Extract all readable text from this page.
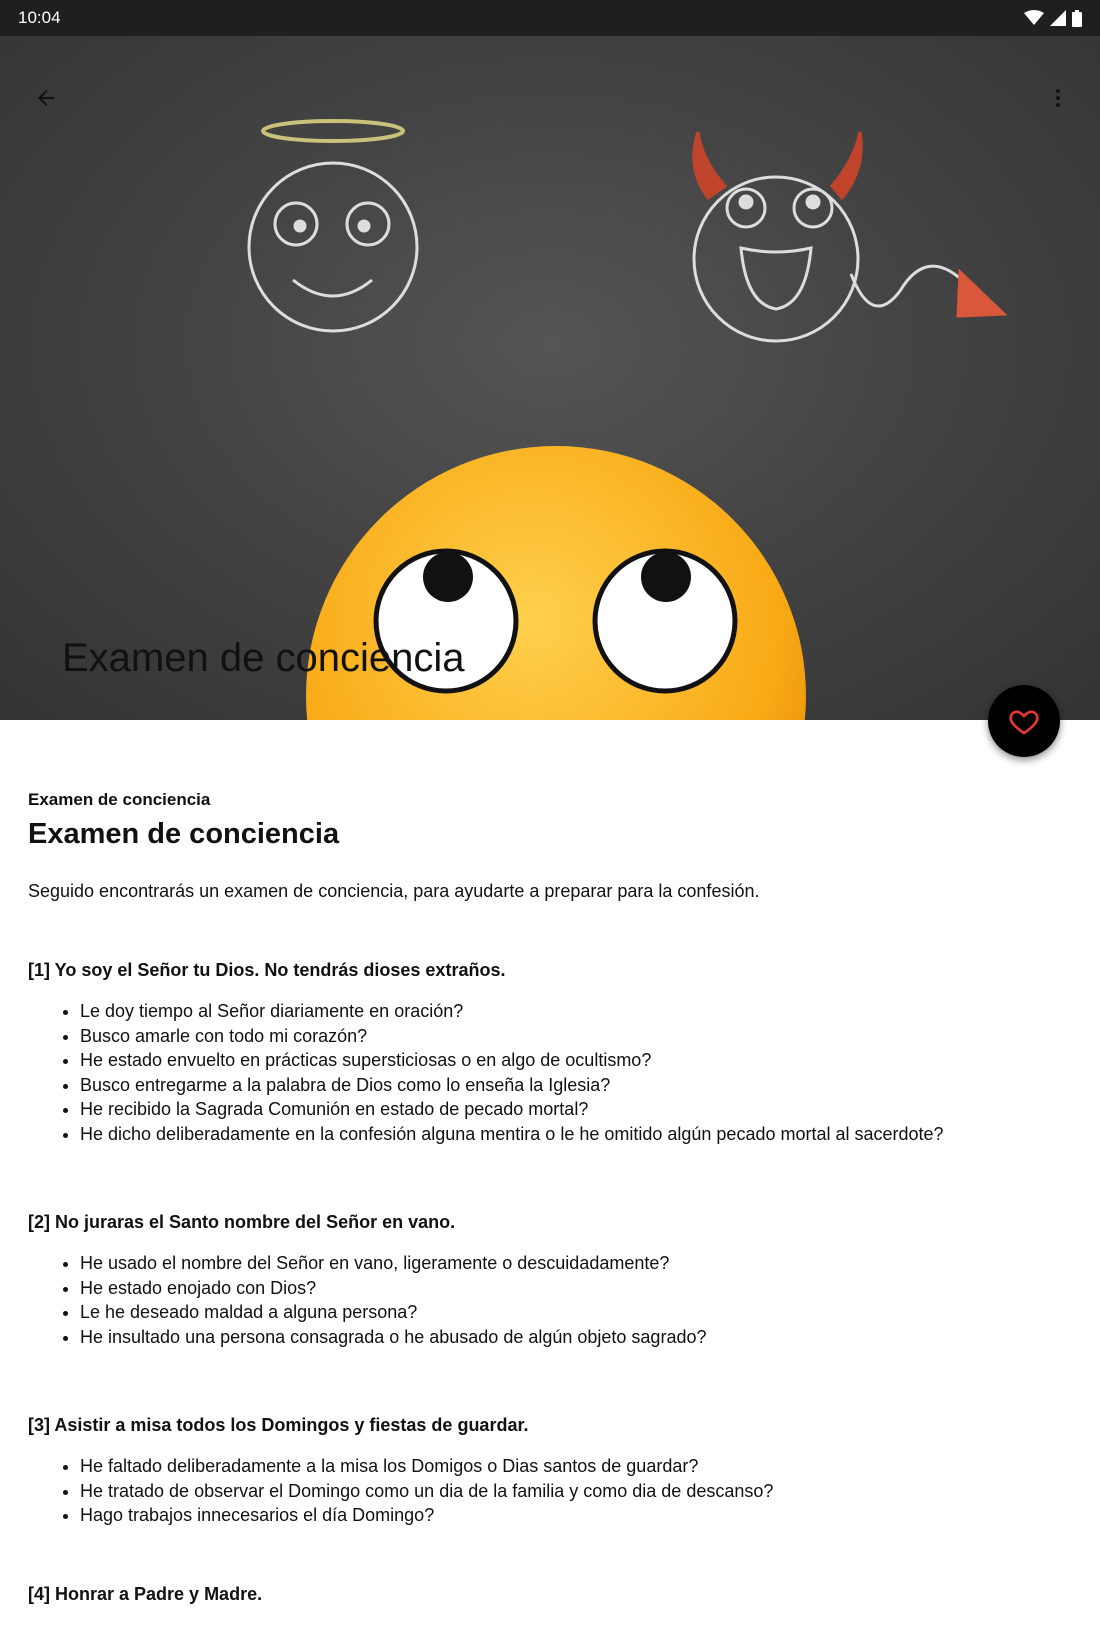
10:04
Examen de conciencia
Examen de conciencia
Examen de conciencia
Seguido encontrarás un examen de conciencia, para ayudarte a preparar para la confesión.
[1] Yo soy el Señor tu Dios. No tendrás dioses extraños.
• Le doy tiempo al Señor diariamente en oración?
• Busco amarle con todo mi corazón?
• He estado envuelto en prácticas supersticiosas o en algo de ocultismo?
• Busco entregarme a la palabra de Dios como lo enseña la Iglesia?
• He recibido la Sagrada Comunión en estado de pecado mortal?
• He dicho deliberadamente en la confesión alguna mentira o le he omitido algún pecado mortal al sacerdote?
[2] No juraras el Santo nombre del Señor en vano.
• He usado el nombre del Señor en vano, ligeramente o descuidadamente?
• He estado enojado con Dios?
• Le he deseado maldad a alguna persona?
• He insultado una persona consagrada o he abusado de algún objeto sagrado?
[3] Asistir a misa todos los Domingos y fiestas de guardar.
• He faltado deliberadamente a la misa los Domigos o Dias santos de guardar?
• He tratado de observar el Domingo como un dia de la familia y como dia de descanso?
• Hago trabajos innecesarios el día Domingo?
[4] Honrar a Padre y Madre.
